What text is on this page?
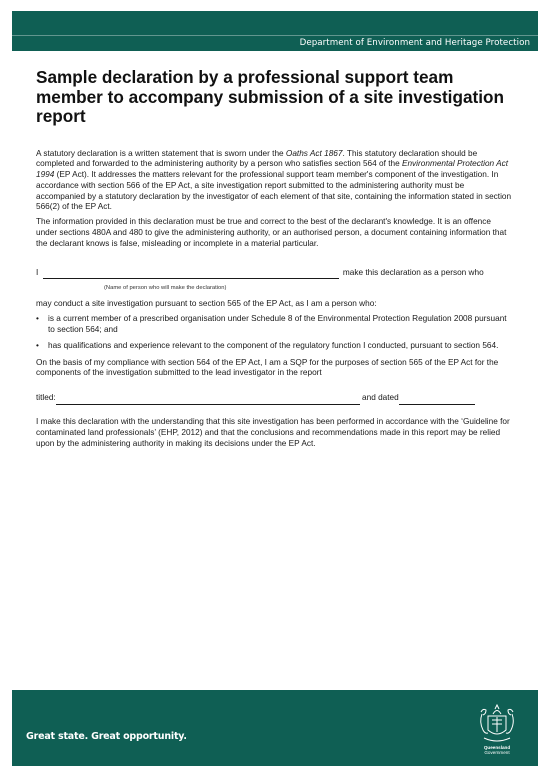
Department of Environment and Heritage Protection
Sample declaration by a professional support team member to accompany submission of a site investigation report

A statutory declaration is a written statement that is sworn under the Oaths Act 1867. This statutory declaration should be completed and forwarded to the administering authority by a person who satisfies section 564 of the Environmental Protection Act 1994 (EP Act). It addresses the matters relevant for the professional support team member's component of the investigation. In accordance with section 566 of the EP Act, a site investigation report submitted to the administering authority must be accompanied by a statutory declaration by the investigator of each element of that site, containing the information stated in section 566(2) of the EP Act.

The information provided in this declaration must be true and correct to the best of the declarant's knowledge. It is an offence under sections 480A and 480 to give the administering authority, or an authorised person, a document containing information that the declarant knows is false, misleading or incomplete in a material particular.

I	make this declaration as a person who
(Name of person who will make the declaration)

may conduct a site investigation pursuant to section 565 of the EP Act, as I am a person who:

• is a current member of a prescribed organisation under Schedule 8 of the Environmental Protection Regulation 2008 pursuant to section 564; and
• has qualifications and experience relevant to the component of the regulatory function I conducted, pursuant to section 564.

On the basis of my compliance with section 564 of the EP Act, I am a SQP for the purposes of section 565 of the EP Act for the components of the investigation submitted to the lead investigator in the report

titled:	and dated

I make this declaration with the understanding that this site investigation has been performed in accordance with the ‘Guideline for contaminated land professionals’ (EHP, 2012) and that the conclusions and recommendations made in this report may be relied upon by the administering authority in making its decisions under the EP Act.

Great state. Great opportunity.
Queensland
Government
